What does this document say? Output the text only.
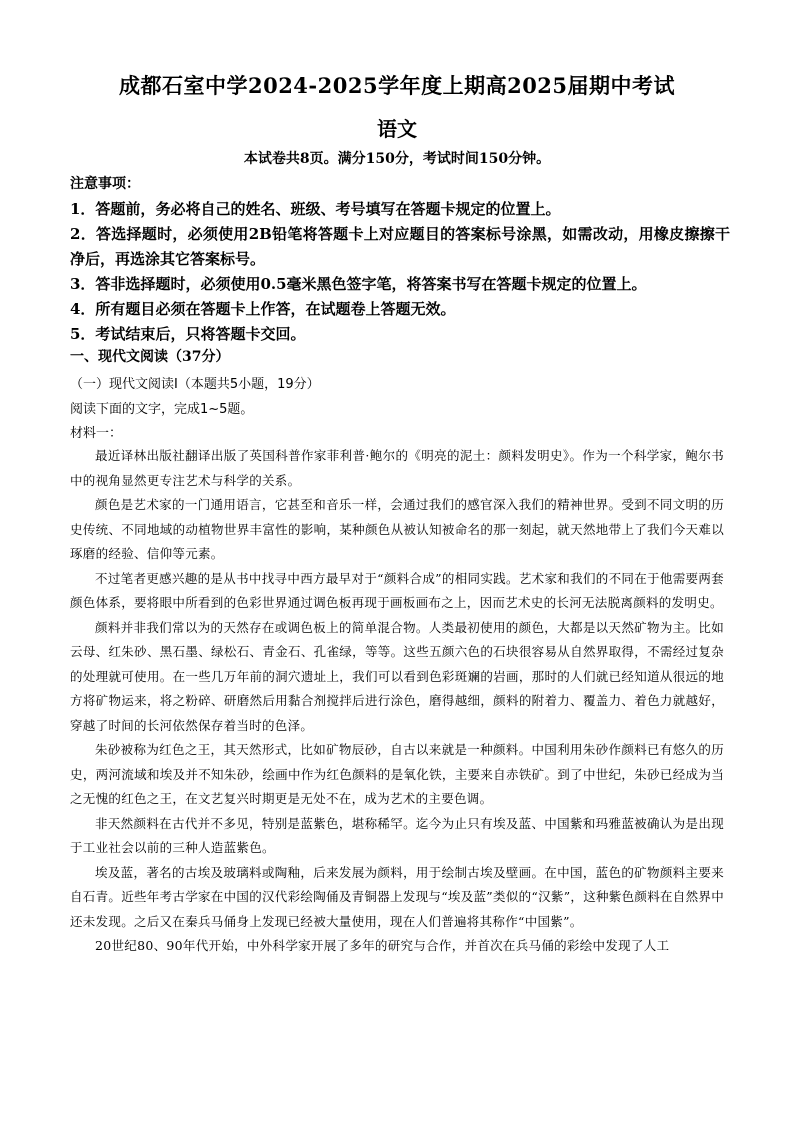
成都石室中学2024-2025学年度上期高2025届期中考试
语文
本试卷共8页。满分150分，考试时间150分钟。
注意事项：
1．答题前，务必将自己的姓名、班级、考号填写在答题卡规定的位置上。
2．答选择题时，必须使用2B铅笔将答题卡上对应题目的答案标号涂黑，如需改动，用橡皮擦擦干净后，再选涂其它答案标号。
3．答非选择题时，必须使用0.5毫米黑色签字笔，将答案书写在答题卡规定的位置上。
4．所有题目必须在答题卡上作答，在试题卷上答题无效。
5．考试结束后，只将答题卡交回。
一、现代文阅读（37分）
（一）现代文阅读Ⅰ（本题共5小题，19分）
阅读下面的文字，完成1~5题。
材料一：

最近译林出版社翻译出版了英国科普作家菲利普·鲍尔的《明亮的泥土：颜料发明史》。作为一个科学家，鲍尔书中的视角显然更专注艺术与科学的关系。

颜色是艺术家的一门通用语言，它甚至和音乐一样，会通过我们的感官深入我们的精神世界。受到不同文明的历史传统、不同地域的动植物世界丰富性的影响，某种颜色从被认知被命名的那一刻起，就天然地带上了我们今天难以琢磨的经验、信仰等元素。

不过笔者更感兴趣的是从书中找寻中西方最早对于“颜料合成”的相同实践。艺术家和我们的不同在于他需要两套颜色体系，要将眼中所看到的色彩世界通过调色板再现于画板画布之上，因而艺术史的长河无法脱离颜料的发明史。

颜料并非我们常以为的天然存在或调色板上的简单混合物。人类最初使用的颜色，大都是以天然矿物为主。比如云母、红朱砂、黑石墨、绿松石、青金石、孔雀绿，等等。这些五颜六色的石块很容易从自然界取得，不需经过复杂的处理就可使用。在一些几万年前的洞穴遗址上，我们可以看到色彩斑斓的岩画，那时的人们就已经知道从很远的地方将矿物运来，将之粉碎、研磨然后用黏合剂搅拌后进行涂色，磨得越细，颜料的附着力、覆盖力、着色力就越好，穿越了时间的长河依然保存着当时的色泽。

朱砂被称为红色之王，其天然形式，比如矿物辰砂，自古以来就是一种颜料。中国利用朱砂作颜料已有悠久的历史，两河流域和埃及并不知朱砂，绘画中作为红色颜料的是氧化铁，主要来自赤铁矿。到了中世纪，朱砂已经成为当之无愧的红色之王，在文艺复兴时期更是无处不在，成为艺术的主要色调。

非天然颜料在古代并不多见，特别是蓝紫色，堪称稀罕。迄今为止只有埃及蓝、中国紫和玛雅蓝被确认为是出现于工业社会以前的三种人造蓝紫色。

埃及蓝，著名的古埃及玻璃料或陶釉，后来发展为颜料，用于绘制古埃及壁画。在中国，蓝色的矿物颜料主要来自石青。近些年考古学家在中国的汉代彩绘陶俑及青铜器上发现与“埃及蓝”类似的“汉紫”，这种紫色颜料在自然界中还未发现。之后又在秦兵马俑身上发现已经被大量使用，现在人们普遍将其称作“中国紫”。

20世纪80、90年代开始，中外科学家开展了多年的研究与合作，并首次在兵马俑的彩绘中发现了人工
